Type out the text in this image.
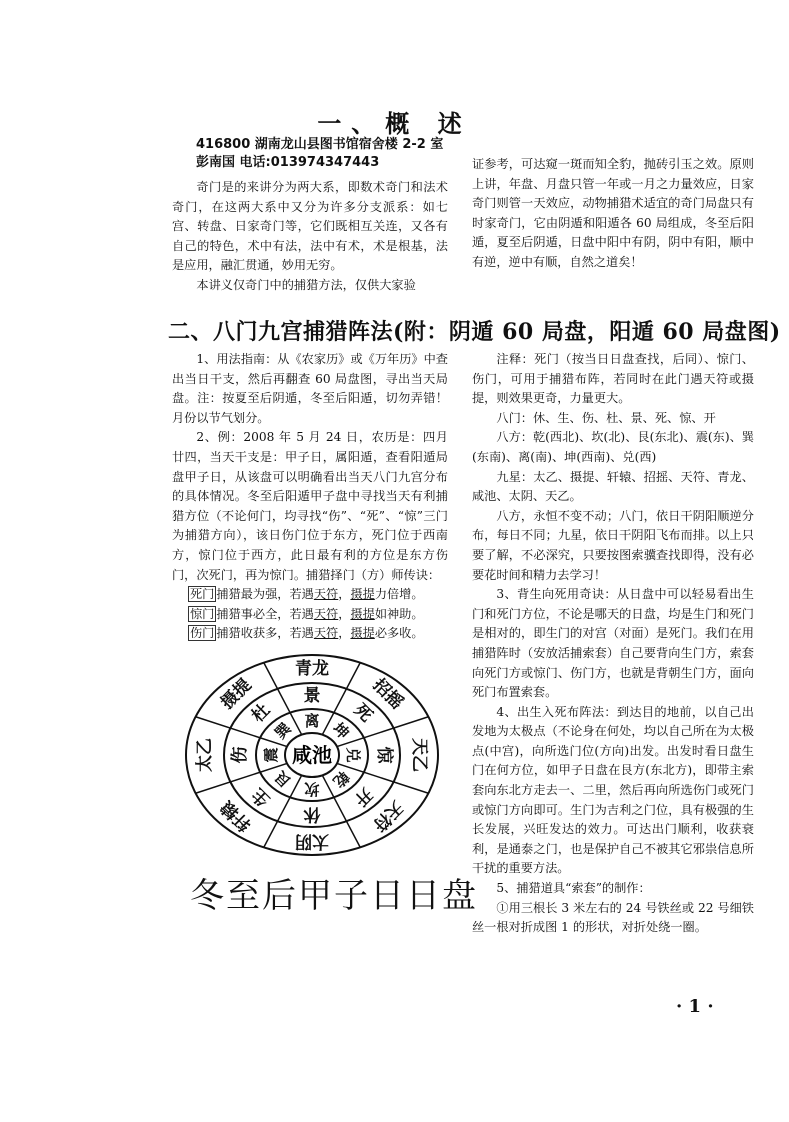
一、概 述
416800 湖南龙山县图书馆宿舍楼 2-2 室
彭南国 电话:013974347443

奇门是的来讲分为两大系，即数术奇门和法术奇门，在这两大系中又分为许多分支派系：如七宫、转盘、日家奇门等，它们既相互关连，又各有自己的特色，术中有法，法中有术，术是根基，法是应用，融汇贯通，妙用无穷。

本讲义仅奇门中的捕猎方法，仅供大家验

证参考，可达窥一斑而知全豹，抛砖引玉之效。原则上讲，年盘、月盘只管一年或一月之力量效应，日家奇门则管一天效应，动物捕猎术适宜的奇门局盘只有时家奇门，它由阴遁和阳遁各 60 局组成，冬至后阳遁，夏至后阴遁，日盘中阳中有阴，阴中有阳，顺中有逆，逆中有顺，自然之道矣！

二、八门九宫捕猎阵法(附：阴遁 60 局盘，阳遁 60 局盘图)

1、用法指南：从《农家历》或《万年历》中查出当日干支，然后再翻查 60 局盘图，寻出当天局盘。注：按夏至后阴遁，冬至后阳遁，切勿弄错！月份以节气划分。

2、例：2008 年 5 月 24 日，农历是：四月廿四，当天干支是：甲子日，属阳遁，查看阳遁局盘甲子日，从该盘可以明确看出当天八门九宫分布的具体情况。冬至后阳遁甲子盘中寻找当天有利捕猎方位（不论何门，均寻找“伤”、“死”、“惊”三门为捕猎方向），该日伤门位于东方，死门位于西南方，惊门位于西方，此日最有利的方位是东方伤门，次死门，再为惊门。捕猎择门（方）师传诀：

死门 捕猎最为强，若遇天符，摄提力倍增。

惊门 捕猎事必全，若遇天符，摄提如神助。

伤门 捕猎收获多，若遇天符，摄提必多收。

离 坤
兑
乾
坎
艮
震
巽
景
死
惊
开
休
生
伤
杜
青龙
招摇
天乙
天符
太阴
轩辕
太乙
摄提
咸池
冬至后甲子日日盘

注释：死门（按当日日盘查找，后同）、惊门、伤门，可用于捕猎布阵，若同时在此门遇天符或摄提，则效果更奇，力量更大。

八门：休、生、伤、杜、景、死、惊、开

八方：乾(西北)、坎(北)、艮(东北)、震(东)、巽(东南)、离(南)、坤(西南)、兑(西)

九星：太乙、摄提、轩辕、招摇、天符、青龙、咸池、太阴、天乙。

八方，永恒不变不动；八门，依日干阴阳顺逆分布，每日不同；九星，依日干阴阳飞布而排。以上只要了解，不必深究，只要按图索骥查找即得，没有必要花时间和精力去学习！

3、背生向死用奇诀：从日盘中可以轻易看出生门和死门方位，不论是哪天的日盘，均是生门和死门是相对的，即生门的对宫（对面）是死门。我们在用捕猎阵时（安放活捕索套）自己要背向生门方，索套向死门方或惊门、伤门方，也就是背朝生门方，面向死门布置索套。

4、出生入死布阵法：到达目的地前，以自己出发地为太极点（不论身在何处，均以自己所在为太极点(中宫)，向所选门位(方向)出发。出发时看日盘生门在何方位，如甲子日盘在艮方(东北方)，即带主索套向东北方走去一、二里，然后再向所选伤门或死门或惊门方向即可。生门为吉利之门位，具有极强的生长发展，兴旺发达的效力。可达出门顺利，收获衰利，是通泰之门，也是保护自己不被其它邪祟信息所干扰的重要方法。

5、捕猎道具“索套”的制作：

①用三根长 3 米左右的 24 号铁丝或 22 号细铁丝一根对折成图 1 的形状，对折处绕一圈。

· 1 ·
